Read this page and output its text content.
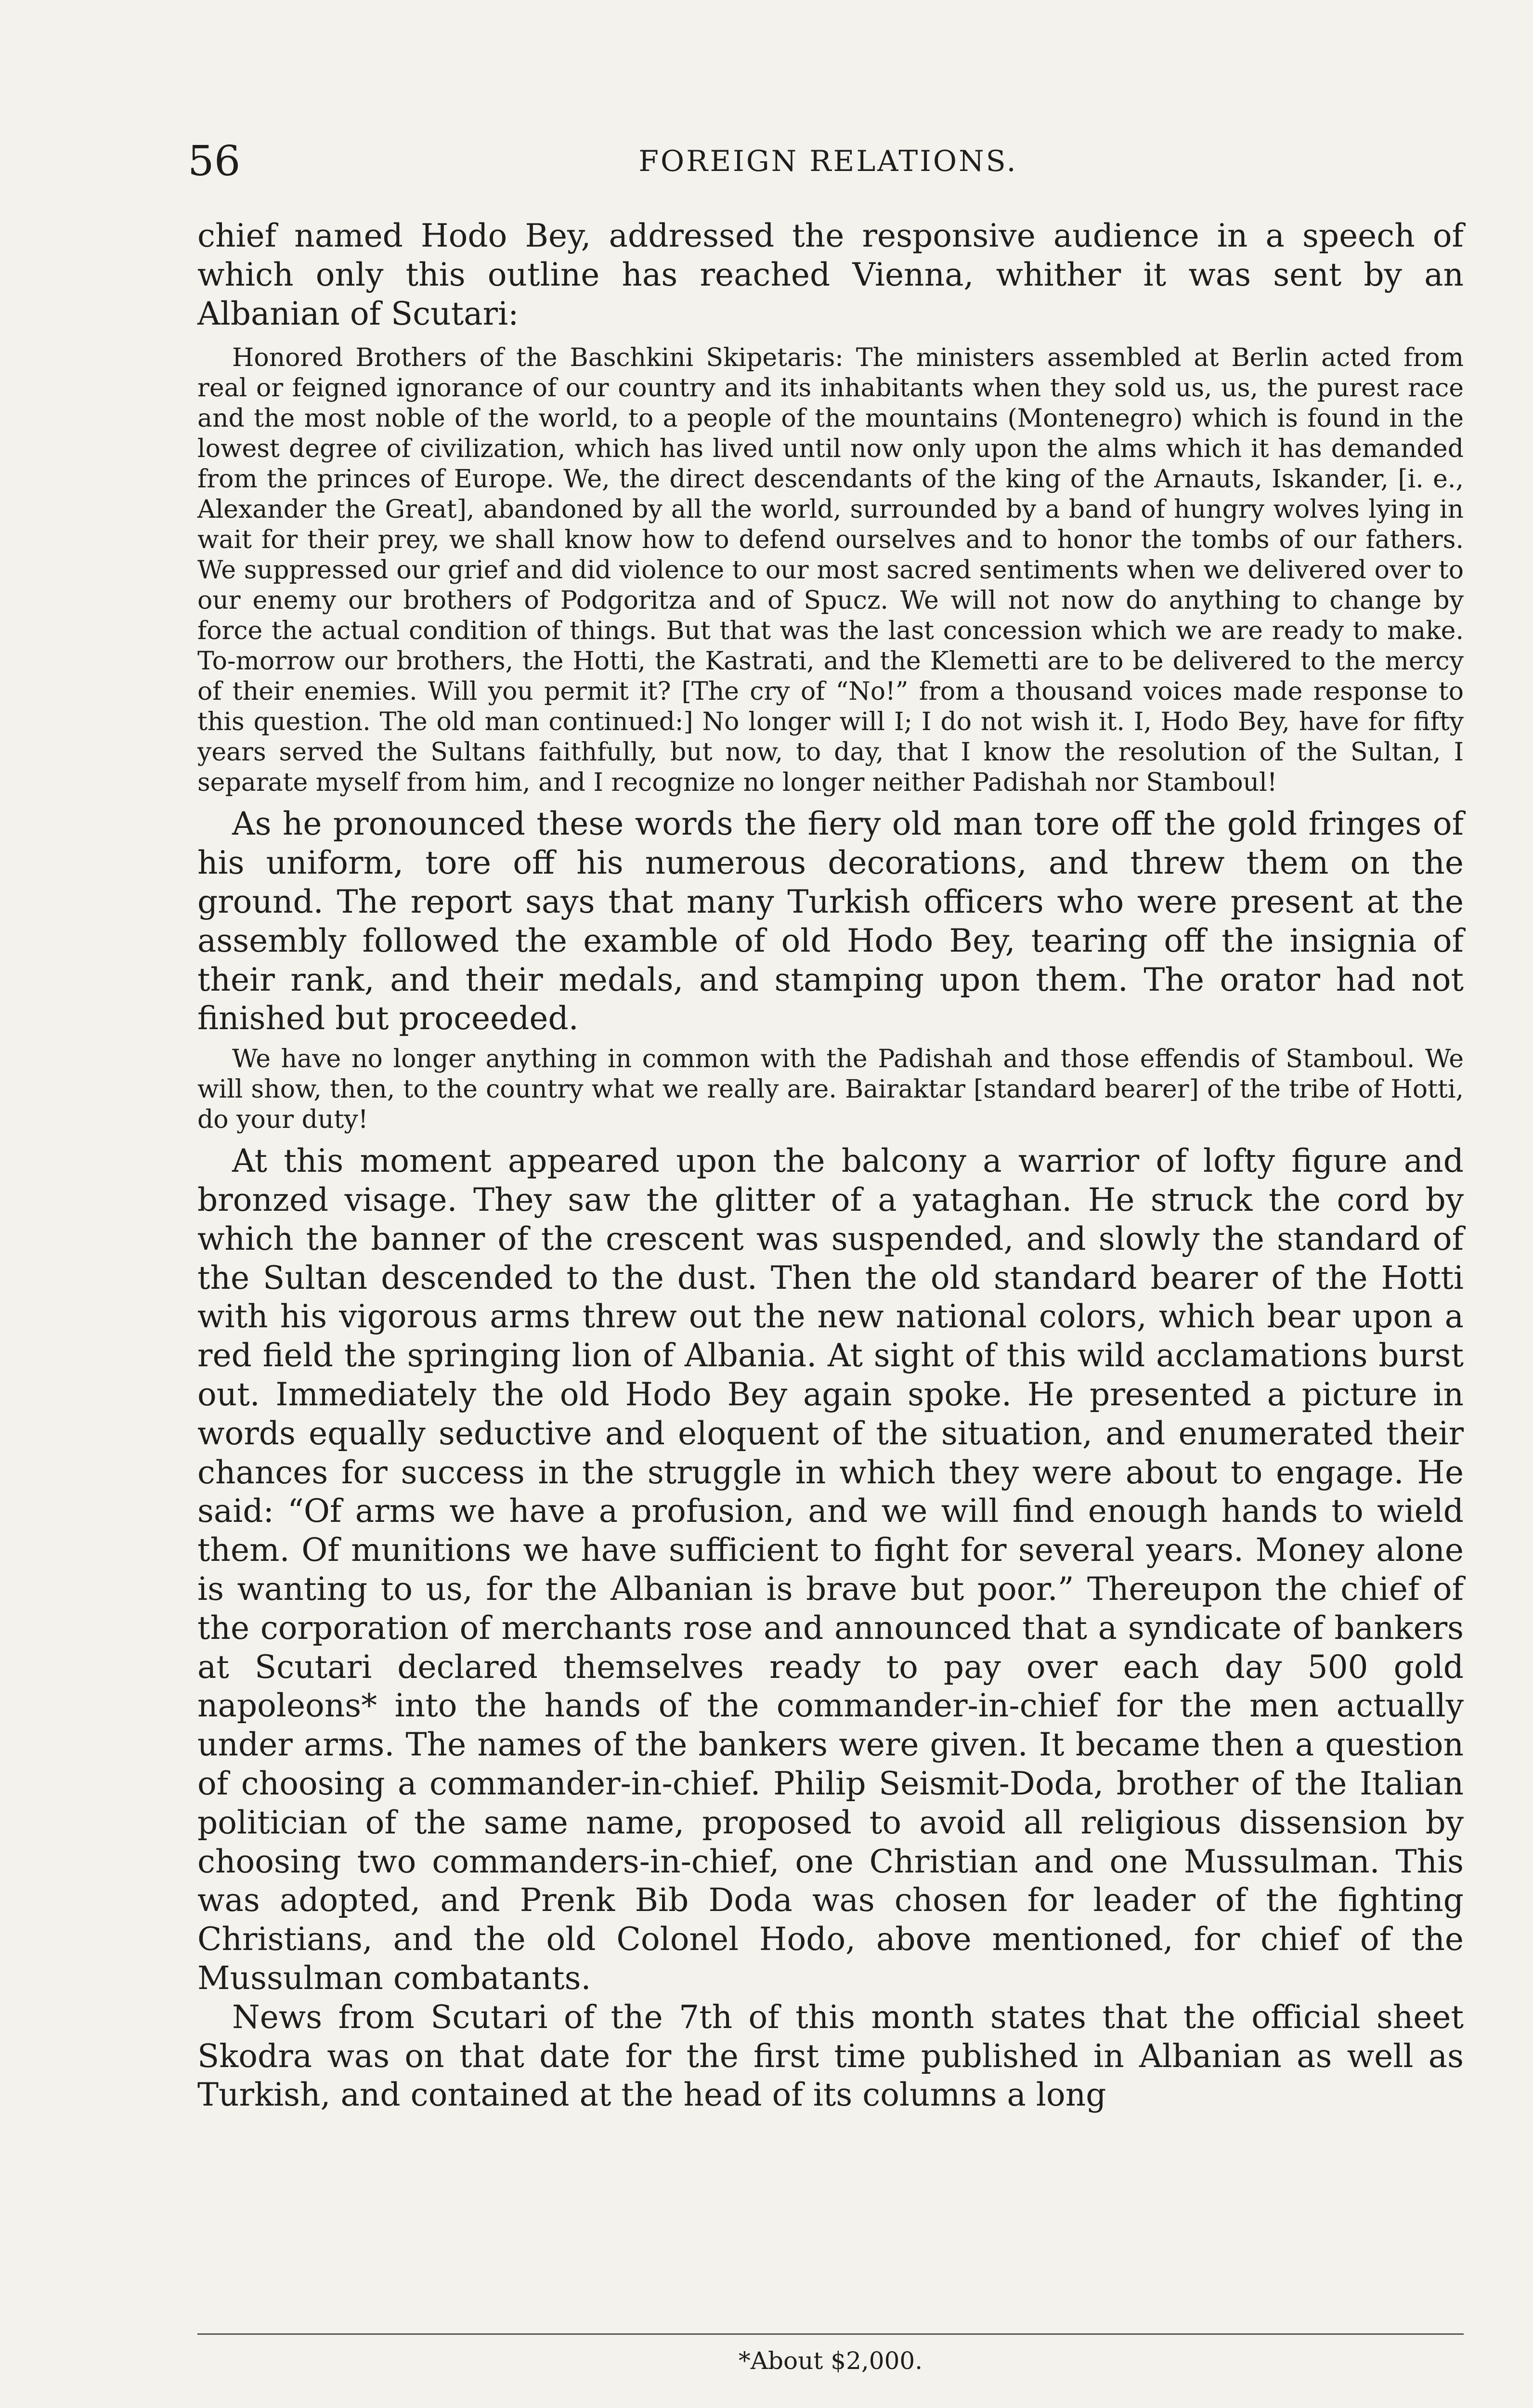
56	FOREIGN RELATIONS.

chief named Hodo Bey, addressed the responsive audience in a speech of which only this outline has reached Vienna, whither it was sent by an Albanian of Scutari:

Honored Brothers of the Baschkini Skipetaris: The ministers assembled at Berlin acted from real or feigned ignorance of our country and its inhabitants when they sold us, us, the purest race and the most noble of the world, to a people of the mountains (Montenegro) which is found in the lowest degree of civilization, which has lived until now only upon the alms which it has demanded from the princes of Europe. We, the direct descendants of the king of the Arnauts, Iskander, [i. e., Alexander the Great], abandoned by all the world, surrounded by a band of hungry wolves lying in wait for their prey, we shall know how to defend ourselves and to honor the tombs of our fathers. We suppressed our grief and did violence to our most sacred sentiments when we delivered over to our enemy our brothers of Podgoritza and of Spucz. We will not now do anything to change by force the actual condition of things. But that was the last concession which we are ready to make. To-morrow our brothers, the Hotti, the Kastrati, and the Klemetti are to be delivered to the mercy of their enemies. Will you permit it? [The cry of “No!” from a thousand voices made response to this question. The old man continued:] No longer will I; I do not wish it. I, Hodo Bey, have for fifty years served the Sultans faithfully, but now, to day, that I know the resolution of the Sultan, I separate myself from him, and I recognize no longer neither Padishah nor Stamboul!

As he pronounced these words the fiery old man tore off the gold fringes of his uniform, tore off his numerous decorations, and threw them on the ground. The report says that many Turkish officers who were present at the assembly followed the examble of old Hodo Bey, tearing off the insignia of their rank, and their medals, and stamping upon them. The orator had not finished but proceeded.

We have no longer anything in common with the Padishah and those effendis of Stamboul. We will show, then, to the country what we really are. Bairaktar [standard bearer] of the tribe of Hotti, do your duty!

At this moment appeared upon the balcony a warrior of lofty figure and bronzed visage. They saw the glitter of a yataghan. He struck the cord by which the banner of the crescent was suspended, and slowly the standard of the Sultan descended to the dust. Then the old standard bearer of the Hotti with his vigorous arms threw out the new national colors, which bear upon a red field the springing lion of Albania. At sight of this wild acclamations burst out. Immediately the old Hodo Bey again spoke. He presented a picture in words equally seductive and eloquent of the situation, and enumerated their chances for success in the struggle in which they were about to engage. He said: “Of arms we have a profusion, and we will find enough hands to wield them. Of munitions we have sufficient to fight for several years. Money alone is wanting to us, for the Albanian is brave but poor.” Thereupon the chief of the corporation of merchants rose and announced that a syndicate of bankers at Scutari declared themselves ready to pay over each day 500 gold napoleons* into the hands of the commander-in-chief for the men actually under arms. The names of the bankers were given. It became then a question of choosing a commander-in-chief. Philip Seismit-Doda, brother of the Italian politician of the same name, proposed to avoid all religious dissension by choosing two commanders-in-chief, one Christian and one Mussulman. This was adopted, and Prenk Bib Doda was chosen for leader of the fighting Christians, and the old Colonel Hodo, above mentioned, for chief of the Mussulman combatants.

News from Scutari of the 7th of this month states that the official sheet Skodra was on that date for the first time published in Albanian as well as Turkish, and contained at the head of its columns a long

*About $2,000.
